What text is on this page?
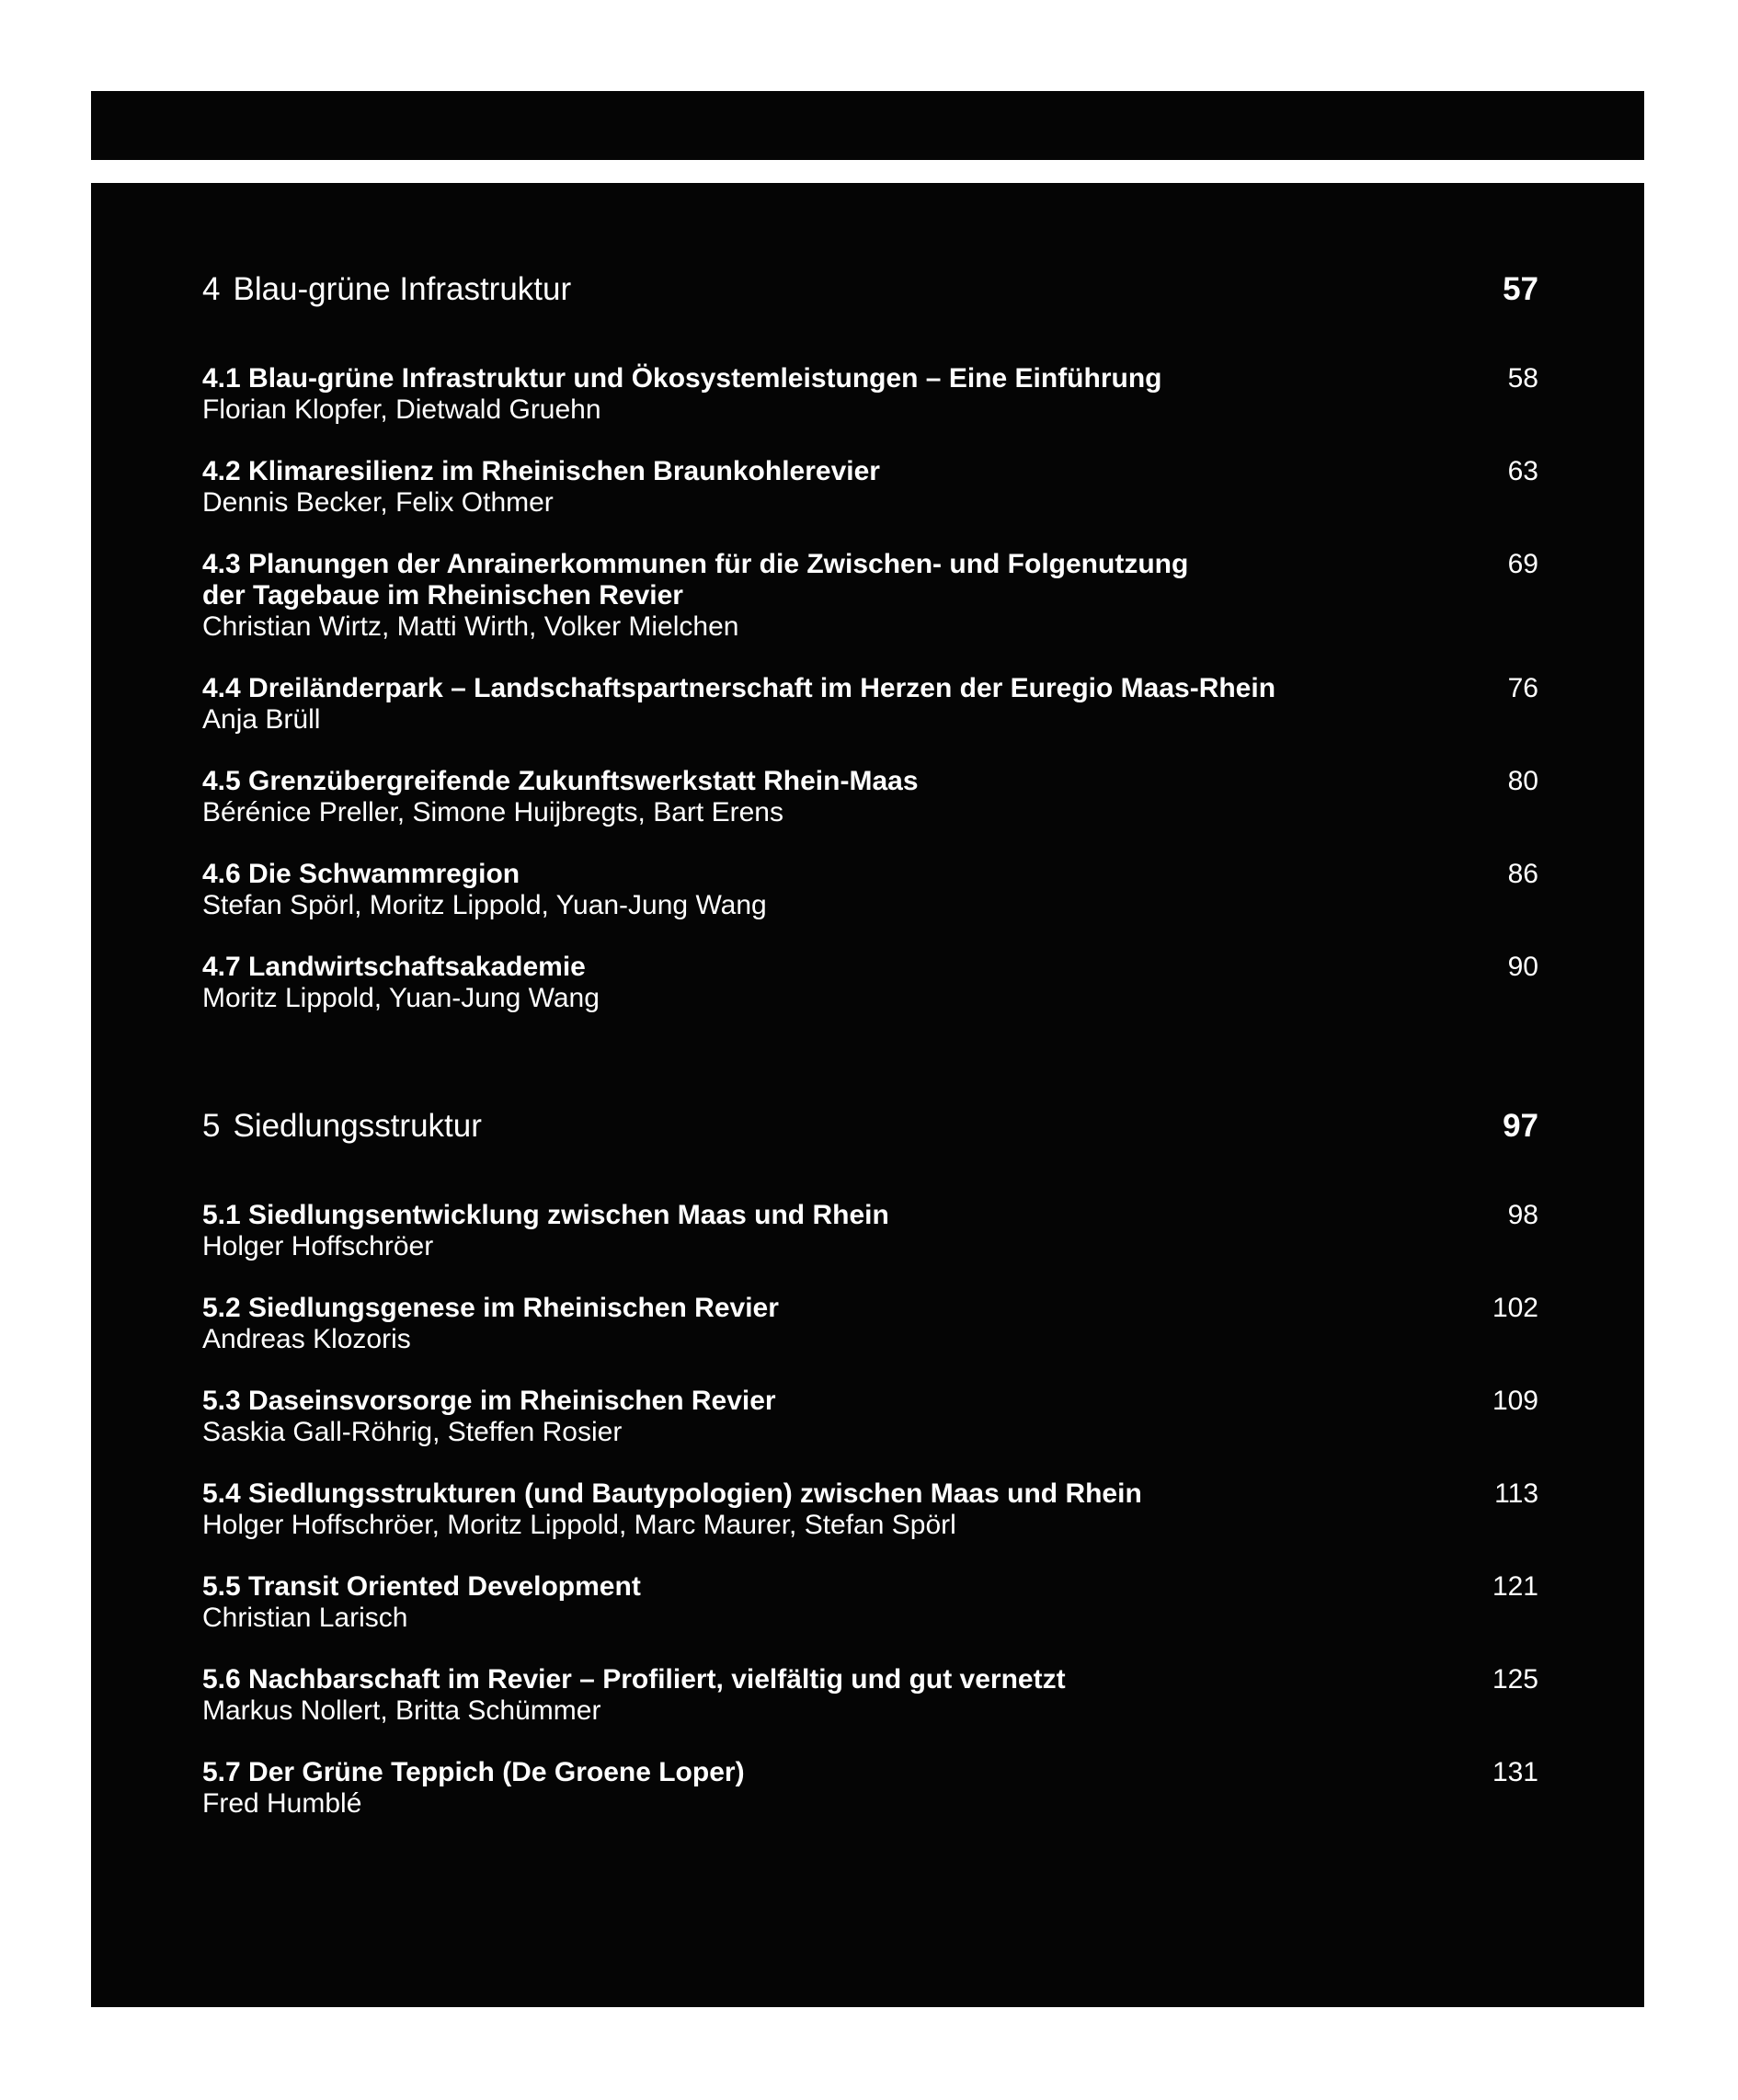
4 Blau-grüne Infrastruktur	57
4.1 Blau-grüne Infrastruktur und Ökosystemleistungen – Eine Einführung
Florian Klopfer, Dietwald Gruehn
58
4.2 Klimaresilienz im Rheinischen Braunkohlerevier
Dennis Becker, Felix Othmer
63
4.3 Planungen der Anrainerkommunen für die Zwischen- und Folgenutzung
der Tagebaue im Rheinischen Revier
Christian Wirtz, Matti Wirth, Volker Mielchen
69
4.4 Dreiländerpark – Landschaftspartnerschaft im Herzen der Euregio Maas-Rhein
Anja Brüll
76
4.5 Grenzübergreifende Zukunftswerkstatt Rhein-Maas
Bérénice Preller, Simone Huijbregts, Bart Erens
80
4.6 Die Schwammregion
Stefan Spörl, Moritz Lippold, Yuan-Jung Wang
86
4.7 Landwirtschaftsakademie
Moritz Lippold, Yuan-Jung Wang
90
5 Siedlungsstruktur	97
5.1 Siedlungsentwicklung zwischen Maas und Rhein
Holger Hoffschröer
98
5.2 Siedlungsgenese im Rheinischen Revier
Andreas Klozoris
102
5.3 Daseinsvorsorge im Rheinischen Revier
Saskia Gall-Röhrig, Steffen Rosier
109
5.4 Siedlungsstrukturen (und Bautypologien) zwischen Maas und Rhein
Holger Hoffschröer, Moritz Lippold, Marc Maurer, Stefan Spörl
113
5.5 Transit Oriented Development
Christian Larisch
121
5.6 Nachbarschaft im Revier – Profiliert, vielfältig und gut vernetzt
Markus Nollert, Britta Schümmer
125
5.7 Der Grüne Teppich (De Groene Loper)
Fred Humblé
131
